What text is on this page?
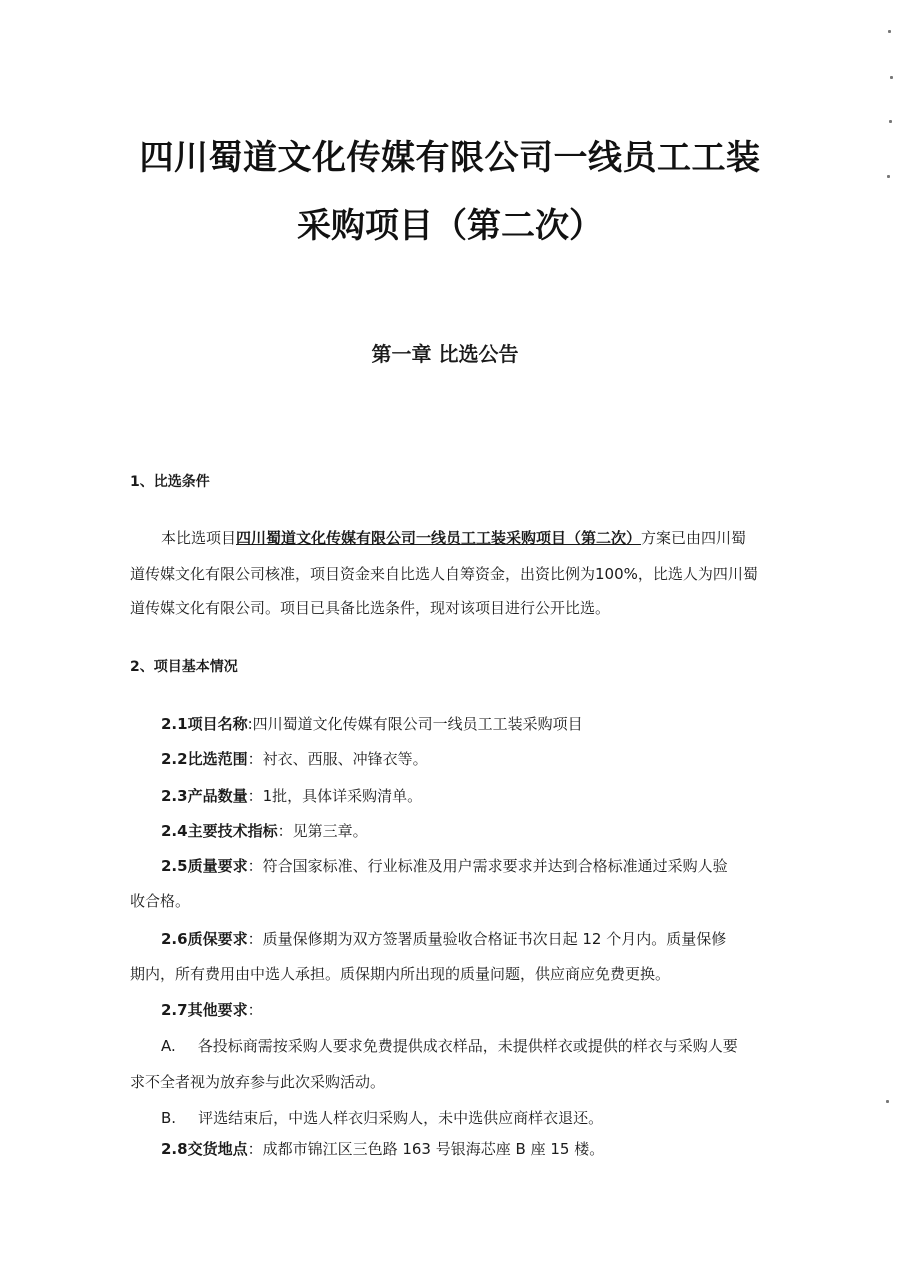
四川蜀道文化传媒有限公司一线员工工装
采购项目（第二次）
第一章 比选公告
1、比选条件
本比选项目四川蜀道文化传媒有限公司一线员工工装采购项目（第二次）方案已由四川蜀
道传媒文化有限公司核准，项目资金来自比选人自筹资金，出资比例为100%，比选人为四川蜀
道传媒文化有限公司。项目已具备比选条件，现对该项目进行公开比选。
2、项目基本情况
2.1项目名称:四川蜀道文化传媒有限公司一线员工工装采购项目
2.2比选范围：衬衣、西服、冲锋衣等。
2.3产品数量：1批，具体详采购清单。
2.4主要技术指标：见第三章。
2.5质量要求：符合国家标准、行业标准及用户需求要求并达到合格标准通过采购人验
收合格。
2.6质保要求：质量保修期为双方签署质量验收合格证书次日起 12 个月内。质量保修
期内，所有费用由中选人承担。质保期内所出现的质量问题，供应商应免费更换。
2.7其他要求：
A. 各投标商需按采购人要求免费提供成衣样品，未提供样衣或提供的样衣与采购人要
求不全者视为放弃参与此次采购活动。
B. 评选结束后，中选人样衣归采购人，未中选供应商样衣退还。
2.8交货地点：成都市锦江区三色路 163 号银海芯座 B 座 15 楼。
